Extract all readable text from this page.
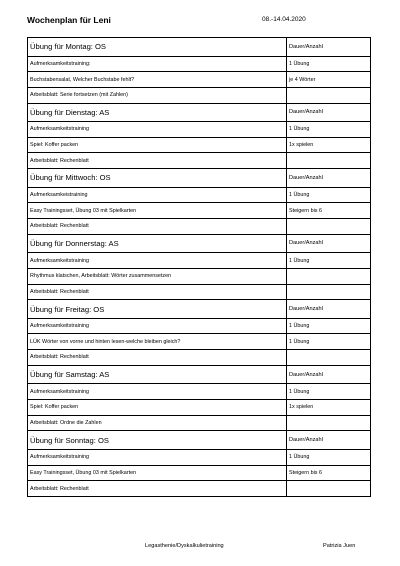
Wochenplan für Leni	08.-14.04.2020
Übung für Montag: OS	Dauer/Anzahl
Aufmerksamkeitstraining:	1 Übung
Buchstabensalat, Welcher Buchstabe fehlt?	je 4 Wörter
Arbeitsblatt: Serie fortsetzen (mit Zahlen)	
Übung für Dienstag: AS	Dauer/Anzahl
Aufmerksamkeitstraining	1 Übung
Spiel: Koffer packen	1x spielen
Arbeitsblatt: Rechenblatt	
Übung für Mittwoch: OS	Dauer/Anzahl
Aufmerksamkeistraining	1 Übung
Easy Trainingsset, Übung 03 mit Spielkarten	Steigern bis 6
Arbeitsblatt: Rechenblatt	
Übung für Donnerstag: AS	Dauer/Anzahl
Aufmerksamkeitstraining	1 Übung
Rhythmus klatschen, Arbeitsblatt: Wörter zusammensetzen	
Arbeitsblatt: Rechenblatt	
Übung für Freitag: OS	Dauer/Anzahl
Aufmerksamkeitstraining	1 Übung
LÜK Wörter von vorne und hinten lesen-welche bleiben gleich?	1 Übung
Arbeitsblatt: Rechenblatt	
Übung für Samstag: AS	Dauer/Anzahl
Aufmerksamkeitstraining	1 Übung
Spiel: Koffer packen	1x spielen
Arbeitsblatt: Ordne die Zahlen	
Übung für Sonntag: OS	Dauer/Anzahl
Aufmerksamkeitstraining	1 Übung
Easy Trainingsset, Übung 03 mit Spielkarten	Steigern bis 6
Arbeitsblatt: Rechenblatt	
Legasthenie/Dyskalkulietraining	Patrizia Juen
